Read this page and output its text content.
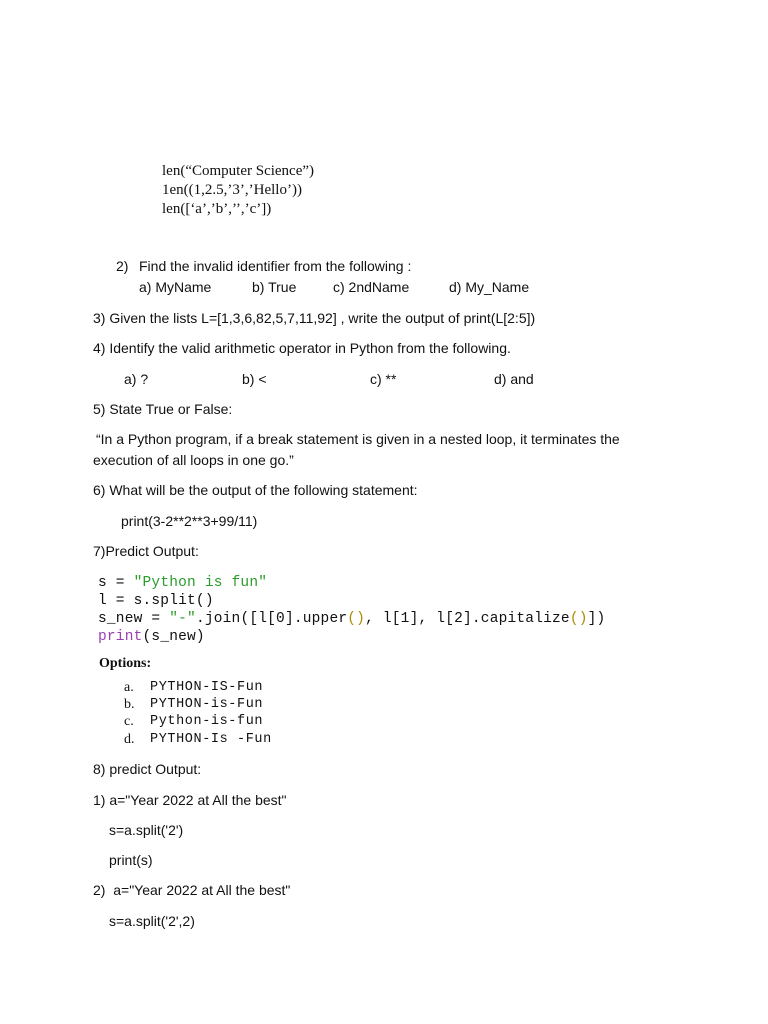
len(“Computer Science”)
1en((1,2.5,’3’,’Hello’))
len([‘a’,’b’,’’,’c’])
2) Find the invalid identifier from the following :
a) MyName	b) True	c) 2ndName	d) My_Name
3) Given the lists L=[1,3,6,82,5,7,11,92] , write the output of print(L[2:5])
4) Identify the valid arithmetic operator in Python from the following.
a) ?	b) <	c) **	d) and
5) State True or False:
“In a Python program, if a break statement is given in a nested loop, it terminates the
execution of all loops in one go.”
6) What will be the output of the following statement:
print(3-2**2**3+99/11)
7)Predict Output:
s = "Python is fun"
l = s.split()
s_new = "-".join([l[0].upper(), l[1], l[2].capitalize()])
print(s_new)
Options:
a. PYTHON-IS-Fun
b. PYTHON-is-Fun
c. Python-is-fun
d. PYTHON-Is -Fun
8) predict Output:
1) a="Year 2022 at All the best"
s=a.split('2')
print(s)
2)  a="Year 2022 at All the best"
s=a.split('2',2)
